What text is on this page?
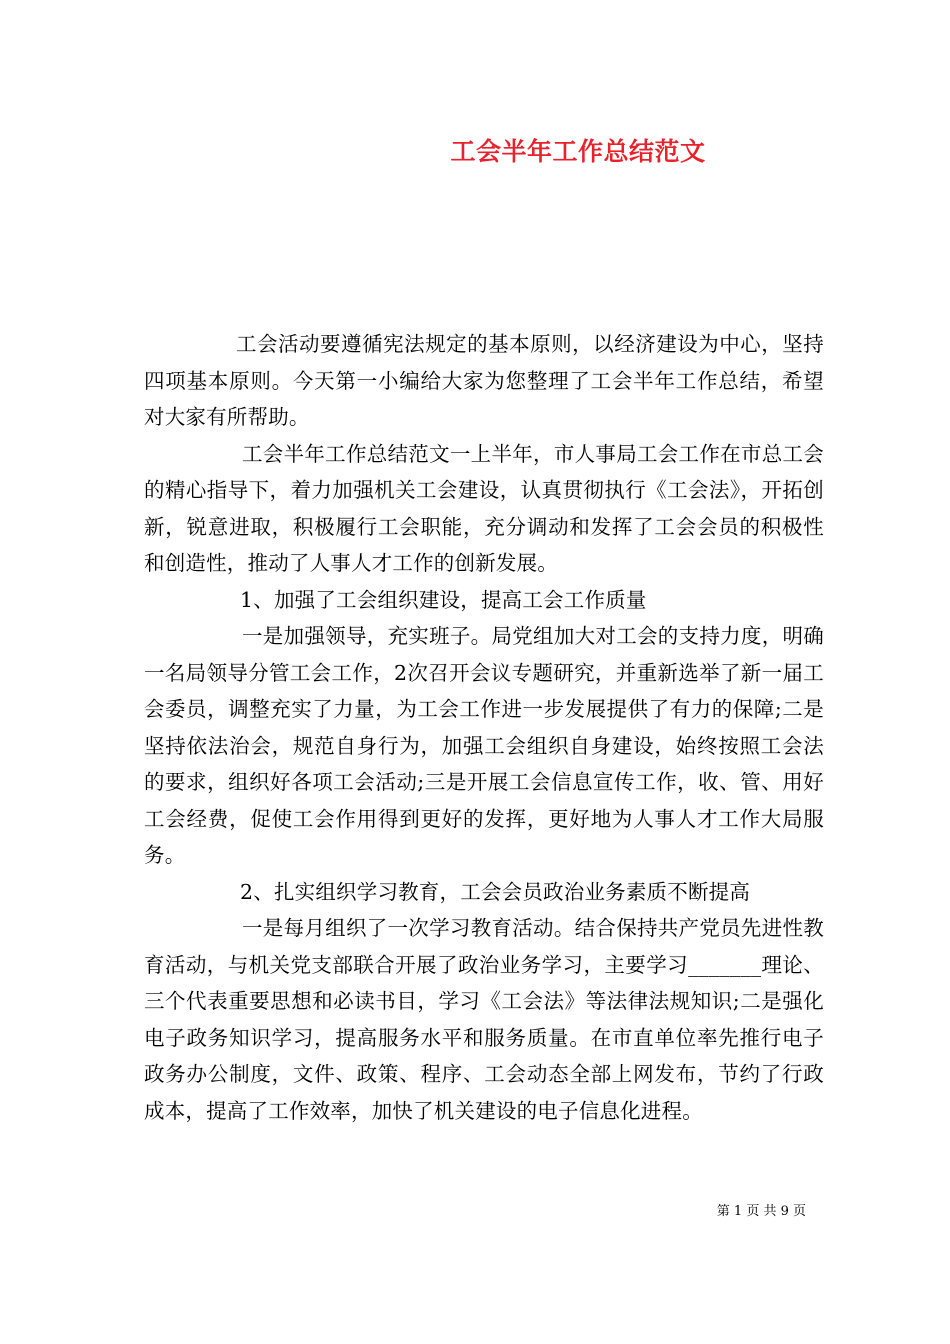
工会半年工作总结范文

工会活动要遵循宪法规定的基本原则，以经济建设为中心，坚持四项基本原则。今天第一小编给大家为您整理了工会半年工作总结，希望对大家有所帮助。

工会半年工作总结范文一上半年，市人事局工会工作在市总工会的精心指导下，着力加强机关工会建设，认真贯彻执行《工会法》，开拓创新，锐意进取，积极履行工会职能，充分调动和发挥了工会会员的积极性和创造性，推动了人事人才工作的创新发展。

1、加强了工会组织建设，提高工会工作质量

一是加强领导，充实班子。局党组加大对工会的支持力度，明确一名局领导分管工会工作，2次召开会议专题研究，并重新选举了新一届工会委员，调整充实了力量，为工会工作进一步发展提供了有力的保障;二是坚持依法治会，规范自身行为，加强工会组织自身建设，始终按照工会法的要求，组织好各项工会活动;三是开展工会信息宣传工作，收、管、用好工会经费，促使工会作用得到更好的发挥，更好地为人事人才工作大局服务。

2、扎实组织学习教育，工会会员政治业务素质不断提高

一是每月组织了一次学习教育活动。结合保持共产党员先进性教育活动，与机关党支部联合开展了政治业务学习，主要学习_______理论、三个代表重要思想和必读书目，学习《工会法》等法律法规知识;二是强化电子政务知识学习，提高服务水平和服务质量。在市直单位率先推行电子政务办公制度，文件、政策、程序、工会动态全部上网发布，节约了行政成本，提高了工作效率，加快了机关建设的电子信息化进程。

第 1 页 共 9 页
